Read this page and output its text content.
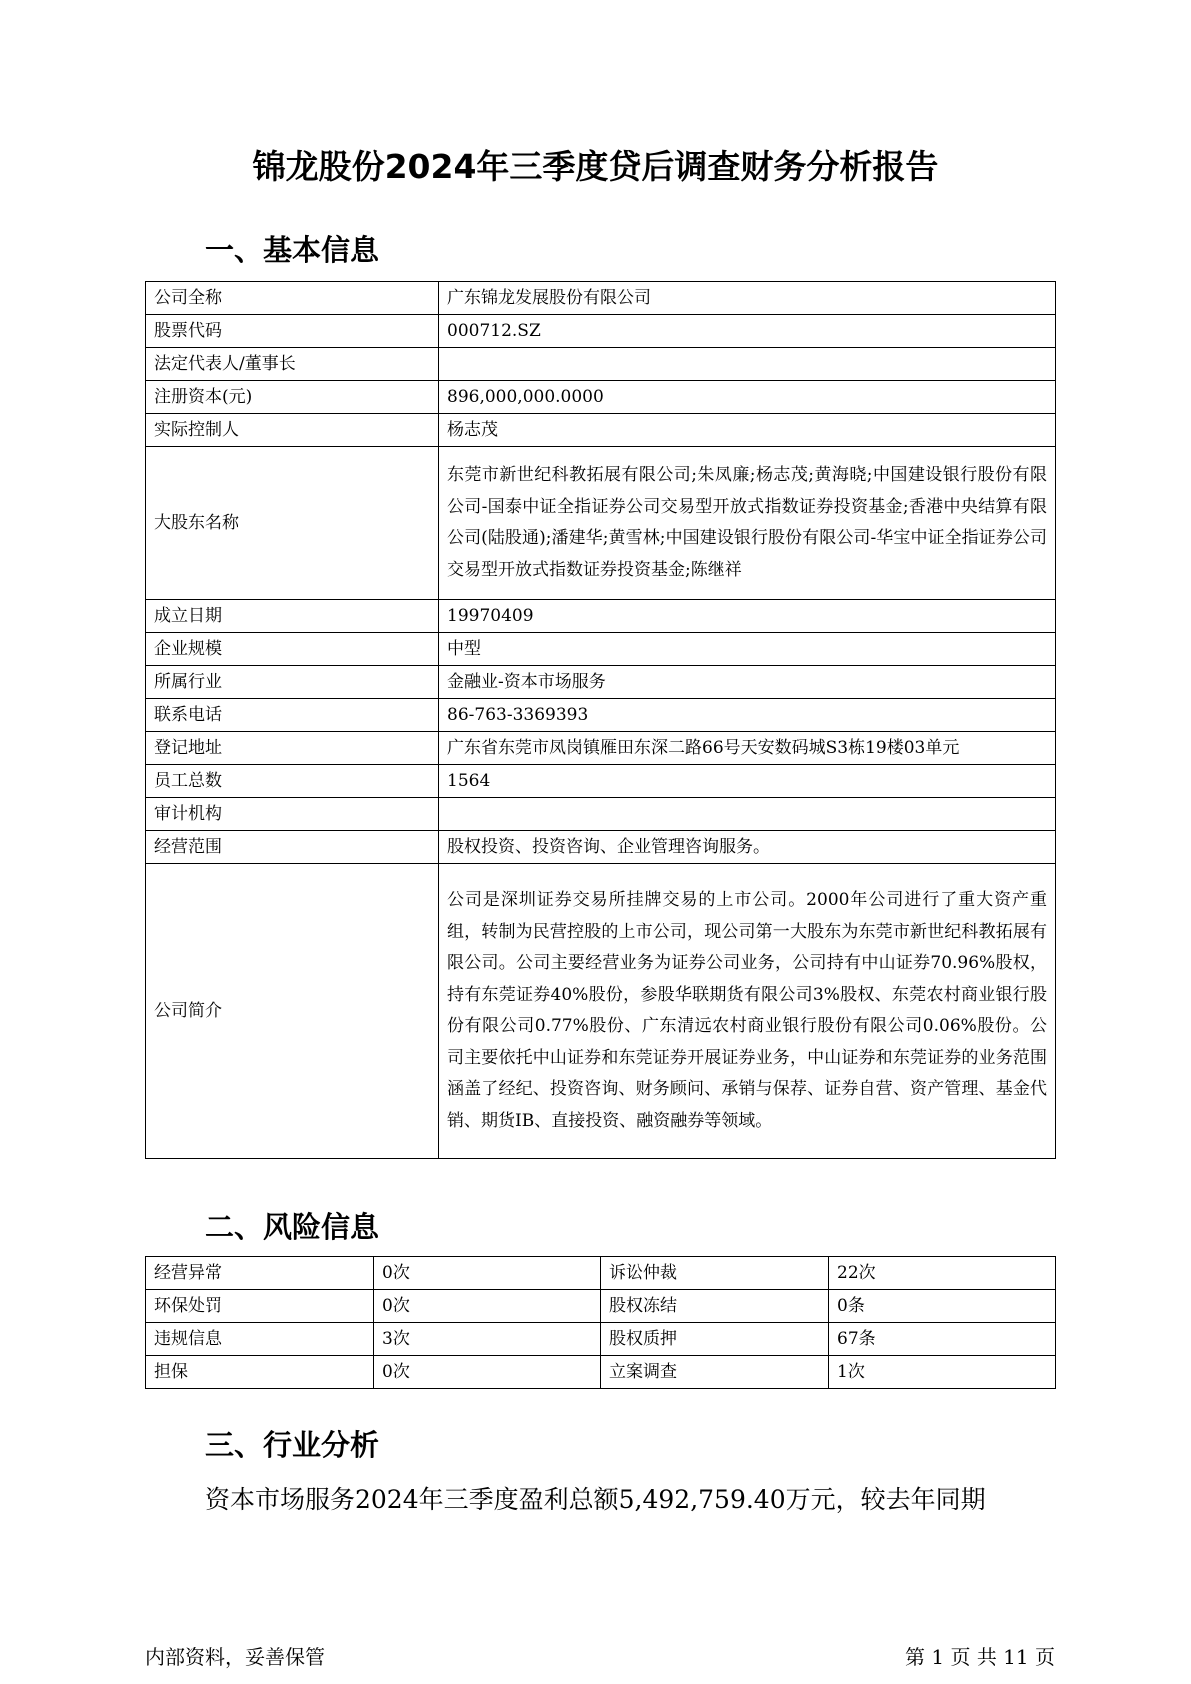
锦龙股份2024年三季度贷后调查财务分析报告
一、基本信息
公司全称	广东锦龙发展股份有限公司
股票代码	000712.SZ
法定代表人/董事长	
注册资本(元)	896,000,000.0000
实际控制人	杨志茂
大股东名称	东莞市新世纪科教拓展有限公司;朱凤廉;杨志茂;黄海晓;中国建设银行股份有限公司-国泰中证全指证券公司交易型开放式指数证券投资基金;香港中央结算有限公司(陆股通);潘建华;黄雪林;中国建设银行股份有限公司-华宝中证全指证券公司交易型开放式指数证券投资基金;陈继祥
成立日期	19970409
企业规模	中型
所属行业	金融业-资本市场服务
联系电话	86-763-3369393
登记地址	广东省东莞市凤岗镇雁田东深二路66号天安数码城S3栋19楼03单元
员工总数	1564
审计机构	
经营范围	股权投资、投资咨询、企业管理咨询服务。
公司简介	公司是深圳证券交易所挂牌交易的上市公司。2000年公司进行了重大资产重组，转制为民营控股的上市公司，现公司第一大股东为东莞市新世纪科教拓展有限公司。公司主要经营业务为证券公司业务，公司持有中山证券70.96%股权，持有东莞证券40%股份，参股华联期货有限公司3%股权、东莞农村商业银行股份有限公司0.77%股份、广东清远农村商业银行股份有限公司0.06%股份。公司主要依托中山证券和东莞证券开展证券业务，中山证券和东莞证券的业务范围涵盖了经纪、投资咨询、财务顾问、承销与保荐、证券自营、资产管理、基金代销、期货IB、直接投资、融资融券等领域。
二、风险信息
经营异常	0次	诉讼仲裁	22次
环保处罚	0次	股权冻结	0条
违规信息	3次	股权质押	67条
担保	0次	立案调查	1次
三、行业分析

资本市场服务2024年三季度盈利总额5,492,759.40万元，较去年同期

内部资料，妥善保管	第 1 页 共 11 页
